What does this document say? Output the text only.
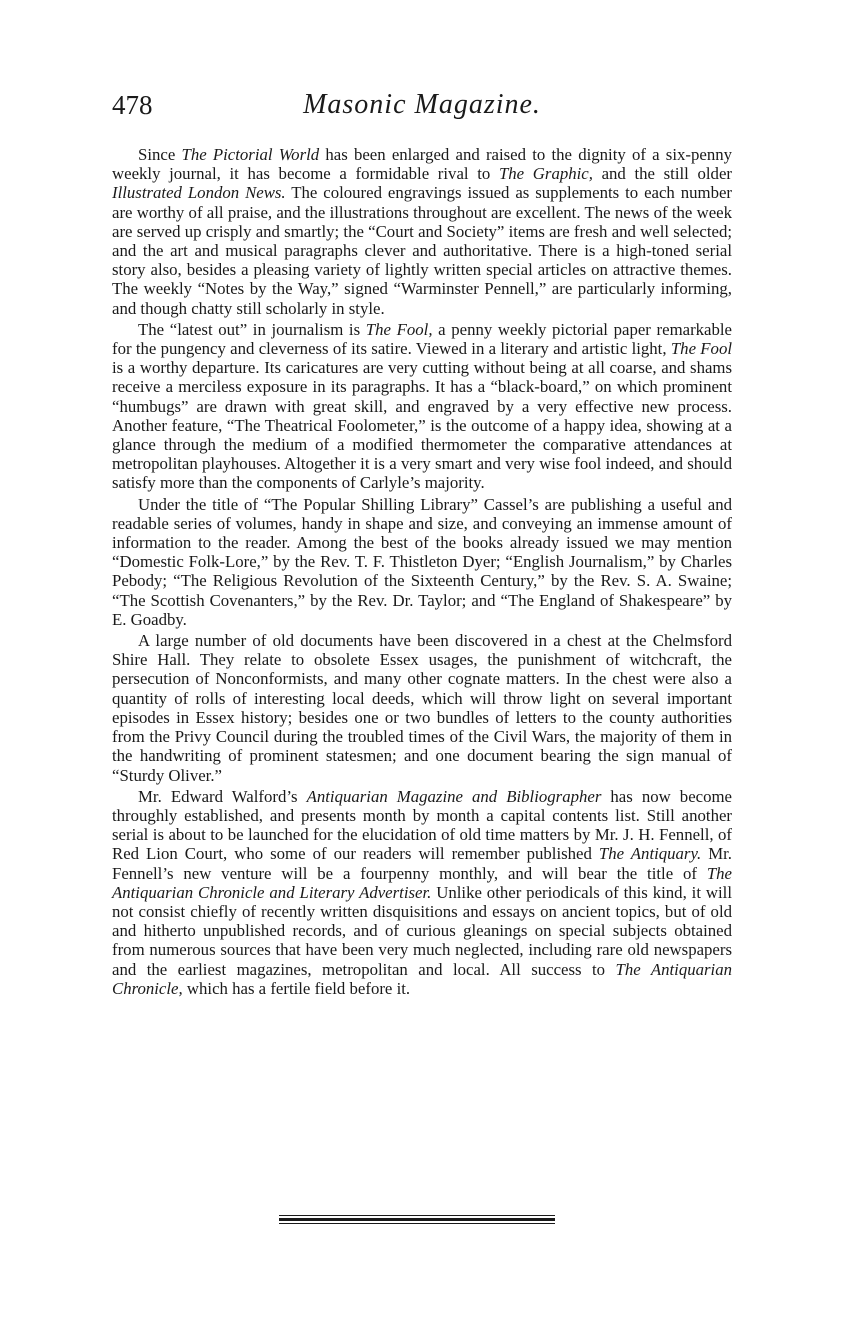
478	Masonic Magazine.

Since The Pictorial World has been enlarged and raised to the dignity of a six-penny weekly journal, it has become a formidable rival to The Graphic, and the still older Illustrated London News. The coloured engravings issued as supplements to each number are worthy of all praise, and the illustrations throughout are excellent. The news of the week are served up crisply and smartly; the “Court and Society” items are fresh and well selected; and the art and musical paragraphs clever and authoritative. There is a high-toned serial story also, besides a pleasing variety of lightly written special articles on attractive themes. The weekly “Notes by the Way,” signed “Warminster Pennell,” are particularly informing, and though chatty still scholarly in style.

The “latest out” in journalism is The Fool, a penny weekly pictorial paper remarkable for the pungency and cleverness of its satire. Viewed in a literary and artistic light, The Fool is a worthy departure. Its caricatures are very cutting without being at all coarse, and shams receive a merciless exposure in its paragraphs. It has a “black-board,” on which prominent “humbugs” are drawn with great skill, and engraved by a very effective new process. Another feature, “The Theatrical Foolometer,” is the outcome of a happy idea, showing at a glance through the medium of a modified thermometer the comparative attendances at metropolitan playhouses. Altogether it is a very smart and very wise fool indeed, and should satisfy more than the components of Carlyle’s majority.

Under the title of “The Popular Shilling Library” Cassel’s are publishing a useful and readable series of volumes, handy in shape and size, and conveying an immense amount of information to the reader. Among the best of the books already issued we may mention “Domestic Folk-Lore,” by the Rev. T. F. Thistleton Dyer; “English Journalism,” by Charles Pebody; “The Religious Revolution of the Sixteenth Century,” by the Rev. S. A. Swaine; “The Scottish Covenanters,” by the Rev. Dr. Taylor; and “The England of Shakespeare” by E. Goadby.

A large number of old documents have been discovered in a chest at the Chelmsford Shire Hall. They relate to obsolete Essex usages, the punishment of witchcraft, the persecution of Nonconformists, and many other cognate matters. In the chest were also a quantity of rolls of interesting local deeds, which will throw light on several important episodes in Essex history; besides one or two bundles of letters to the county authorities from the Privy Council during the troubled times of the Civil Wars, the majority of them in the handwriting of prominent statesmen; and one document bearing the sign manual of “Sturdy Oliver.”

Mr. Edward Walford’s Antiquarian Magazine and Bibliographer has now become throughly established, and presents month by month a capital contents list. Still another serial is about to be launched for the elucidation of old time matters by Mr. J. H. Fennell, of Red Lion Court, who some of our readers will remember published The Antiquary. Mr. Fennell’s new venture will be a fourpenny monthly, and will bear the title of The Antiquarian Chronicle and Literary Advertiser. Unlike other periodicals of this kind, it will not consist chiefly of recently written disquisitions and essays on ancient topics, but of old and hitherto unpublished records, and of curious gleanings on special subjects obtained from numerous sources that have been very much neglected, including rare old newspapers and the earliest magazines, metropolitan and local. All success to The Antiquarian Chronicle, which has a fertile field before it.
